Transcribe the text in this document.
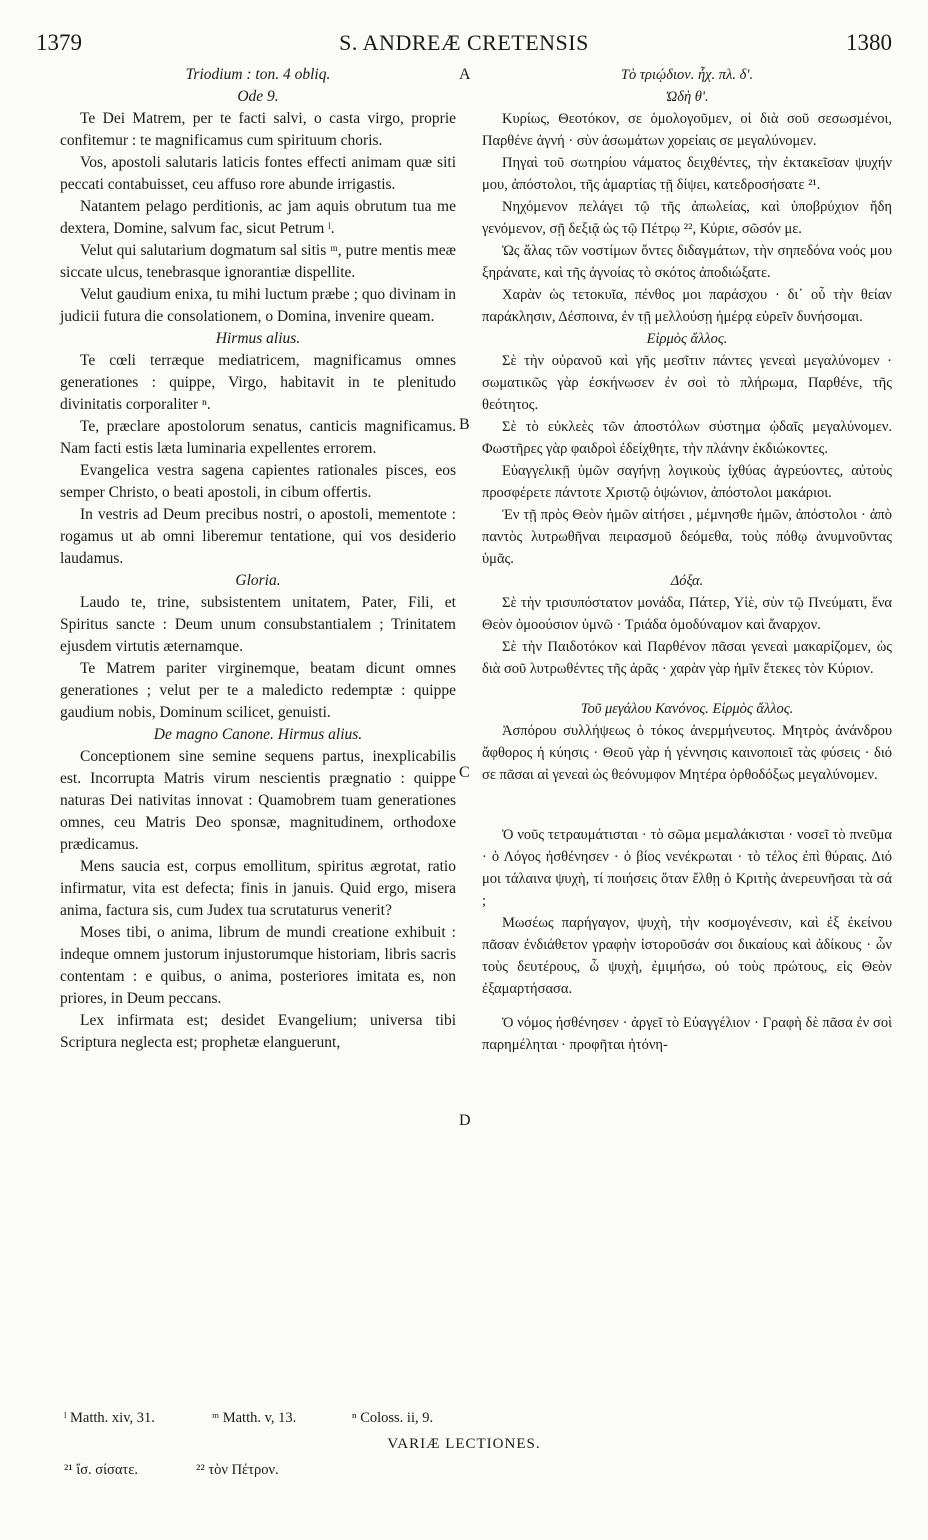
1379	S. ANDREÆ CRETENSIS	1380
A
B
C
D

Triodium : ton. 4 obliq.

Ode 9.

Te Dei Matrem, per te facti salvi, o casta virgo, proprie confitemur : te magnificamus cum spirituum choris.

Vos, apostoli salutaris laticis fontes effecti animam quæ siti peccati contabuisset, ceu affuso rore abunde irrigastis.

Natantem pelago perditionis, ac jam aquis obrutum tua me dextera, Domine, salvum fac, sicut Petrum ˡ.

Velut qui salutarium dogmatum sal sitis ᵐ, putre mentis meæ siccate ulcus, tenebrasque ignorantiæ dispellite.

Velut gaudium enixa, tu mihi luctum præbe ; quo divinam in judicii futura die consolationem, o Domina, invenire queam.

Hirmus alius.

Te cœli terræque mediatricem, magnificamus omnes generationes : quippe, Virgo, habitavit in te plenitudo divinitatis corporaliter ⁿ.

Te, præclare apostolorum senatus, canticis magnificamus. Nam facti estis læta luminaria expellentes errorem.

Evangelica vestra sagena capientes rationales pisces, eos semper Christo, o beati apostoli, in cibum offertis.

In vestris ad Deum precibus nostri, o apostoli, mementote : rogamus ut ab omni liberemur tentatione, qui vos desiderio laudamus.

Gloria.

Laudo te, trine, subsistentem unitatem, Pater, Fili, et Spiritus sancte : Deum unum consubstantialem ; Trinitatem ejusdem virtutis æternamque.

Te Matrem pariter virginemque, beatam dicunt omnes generationes ; velut per te a maledicto redemptæ : quippe gaudium nobis, Dominum scilicet, genuisti.

De magno Canone. Hirmus alius.

Conceptionem sine semine sequens partus, inexplicabilis est. Incorrupta Matris virum nescientis prægnatio : quippe naturas Dei nativitas innovat : Quamobrem tuam generationes omnes, ceu Matris Deo sponsæ, magnitudinem, orthodoxe prædicamus.

Mens saucia est, corpus emollitum, spiritus ægrotat, ratio infirmatur, vita est defecta; finis in januis. Quid ergo, misera anima, factura sis, cum Judex tua scrutaturus venerit?

Moses tibi, o anima, librum de mundi creatione exhibuit : indeque omnem justorum injustorumque historiam, libris sacris contentam : e quibus, o anima, posteriores imitata es, non priores, in Deum peccans.

Lex infirmata est; desidet Evangelium; universa tibi Scriptura neglecta est; prophetæ elanguerunt,

Τὸ τριῴδιον. ἦχ. πλ. δʹ.

Ὠδὴ θʹ.

Κυρίως, Θεοτόκον, σε ὁμολογοῦμεν, οἱ διὰ σοῦ σεσωσμένοι, Παρθένε ἁγνή · σὺν ἀσωμάτων χορείαις σε μεγαλύνομεν.

Πηγαὶ τοῦ σωτηρίου νάματος δειχθέντες, τὴν ἐκτακεῖσαν ψυχήν μου, ἀπόστολοι, τῆς ἁμαρτίας τῇ δίψει, κατεδροσήσατε ²¹.

Νηχόμενον πελάγει τῷ τῆς ἀπωλείας, καὶ ὑποβρύχιον ἤδη γενόμενον, σῇ δεξιᾷ ὡς τῷ Πέτρῳ ²², Κύριε, σῶσόν με.

Ὡς ἅλας τῶν νοστίμων ὄντες διδαγμάτων, τὴν σηπεδόνα νοός μου ξηράνατε, καὶ τῆς ἀγνοίας τὸ σκότος ἀποδιώξατε.

Χαρὰν ὡς τετοκυῖα, πένθος μοι παράσχου · δι᾽ οὗ τὴν θείαν παράκλησιν, Δέσποινα, ἐν τῇ μελλούσῃ ἡμέρᾳ εὑρεῖν δυνήσομαι.

Εἱρμὸς ἄλλος.

Σὲ τὴν οὐρανοῦ καὶ γῆς μεσῖτιν πάντες γενεαὶ μεγαλύνομεν · σωματικῶς γὰρ ἐσκήνωσεν ἐν σοὶ τὸ πλήρωμα, Παρθένε, τῆς θεότητος.

Σὲ τὸ εὐκλεὲς τῶν ἀποστόλων σύστημα ᾠδαῖς μεγαλύνομεν. Φωστῆρες γὰρ φαιδροὶ ἐδείχθητε, τὴν πλάνην ἐκδιώκοντες.

Εὐαγγελικῇ ὑμῶν σαγήνῃ λογικοὺς ἰχθύας ἀγρεύοντες, αὐτοὺς προσφέρετε πάντοτε Χριστῷ ὀψώνιον, ἀπόστολοι μακάριοι.

Ἐν τῇ πρὸς Θεὸν ἡμῶν αἰτήσει , μέμνησθε ἡμῶν, ἀπόστολοι · ἀπὸ παντὸς λυτρωθῆναι πειρασμοῦ δεόμεθα, τοὺς πόθῳ ἀνυμνοῦντας ὑμᾶς.

Δόξα.

Σὲ τὴν τρισυπόστατον μονάδα, Πάτερ, Υἱὲ, σὺν τῷ Πνεύματι, ἕνα Θεὸν ὁμοούσιον ὑμνῶ · Τριάδα ὁμοδύναμον καὶ ἄναρχον.

Σὲ τὴν Παιδοτόκον καὶ Παρθένον πᾶσαι γενεαὶ μακαρίζομεν, ὡς διὰ σοῦ λυτρωθέντες τῆς ἀρᾶς · χαρὰν γὰρ ἡμῖν ἔτεκες τὸν Κύριον.

Τοῦ μεγάλου Κανόνος. Εἱρμὸς ἄλλος.

Ἀσπόρου συλλήψεως ὁ τόκος ἀνερμήνευτος. Μητρὸς ἀνάνδρου ἄφθορος ἡ κύησις · Θεοῦ γὰρ ἡ γέννησις καινοποιεῖ τὰς φύσεις · διό σε πᾶσαι αἱ γενεαὶ ὡς θεόνυμφον Μητέρα ὀρθοδόξως μεγαλύνομεν.

Ὁ νοῦς τετραυμάτισται · τὸ σῶμα μεμαλάκισται · νοσεῖ τὸ πνεῦμα · ὁ Λόγος ἠσθένησεν · ὁ βίος νενέκρωται · τὸ τέλος ἐπὶ θύραις. Διό μοι τάλαινα ψυχὴ, τί ποιήσεις ὅταν ἔλθῃ ὁ Κριτὴς ἀνερευνῆσαι τὰ σά ;

Μωσέως παρήγαγον, ψυχὴ, τὴν κοσμογένεσιν, καὶ ἐξ ἐκείνου πᾶσαν ἐνδιάθετον γραφὴν ἱστοροῦσάν σοι δικαίους καὶ ἀδίκους · ὧν τοὺς δευτέρους, ὦ ψυχὴ, ἐμιμήσω, οὐ τοὺς πρώτους, εἰς Θεὸν ἐξαμαρτήσασα.

Ὁ νόμος ἠσθένησεν · ἀργεῖ τὸ Εὐαγγέλιον · Γραφὴ δὲ πᾶσα ἐν σοὶ παρημέληται · προφῆται ἠτόνη-

ˡ Matth. xiv, 31.	ᵐ Matth. v, 13.	ⁿ Coloss. ii, 9.
VARIÆ LECTIONES.
²¹ ἴσ. σίσατε.	²² τὸν Πέτρον.
